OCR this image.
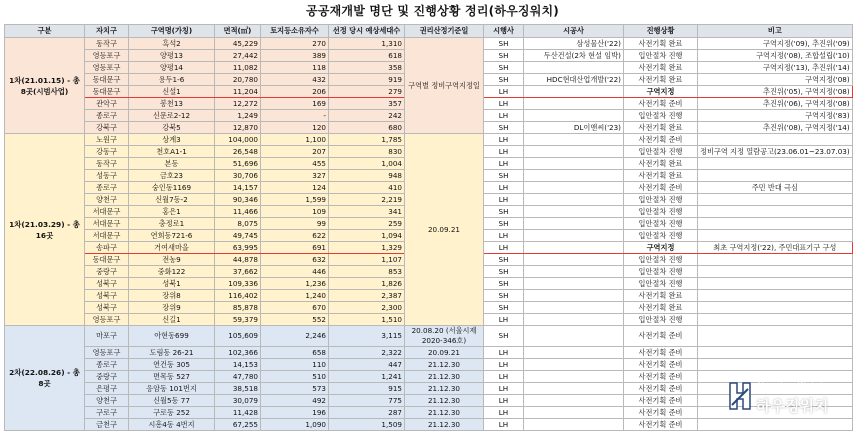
공공재개발 명단 및 진행상황 정리(하우징워치)
구분	자치구	구역명(가칭)	면적(㎡)	토지등소유자수	선정 당시 예상세대수	권리산정기준일	시행사	시공사	진행상황	비고
1차(21.01.15) - 총 8곳(시범사업)	동작구	흑석2	45,229	270	1,310	구역별 정비구역지정일	SH	삼성물산('22)	사전기획 완료	구역지정('09), 추진위('09)
	영등포구	양평13	27,442	389	618		SH	두산건설(2차 현설 임박)	입안절차 진행	구역지정('08), 조합설립('10)
	영등포구	양평14	11,082	118	358		SH		사전기획 완료	구역지정('13), 추진위('14)
	동대문구	용두1-6	20,780	432	919		SH	HDC현대산업개발('22)	사전기획 완료	구역지정('08)
	동대문구	신설1	11,204	206	279		LH		구역지정	추진위('05), 구역지정('08)
	관악구	봉천13	12,272	169	357		LH		사전기획 준비	추진위('06), 구역지정('08)
	종로구	신문로2-12	1,249	-	242		LH		입안절차 진행	구역지정('83)
	강북구	강북5	12,870	120	680		SH	DL이앤씨('23)	사전기획 완료	추진위('08), 구역지정('14)
1차(21.03.29) - 총 16곳	노원구	상계3	104,000	1,100	1,785	20.09.21	LH		사전기획 준비	
	강동구	천호A1-1	26,548	207	830		LH		입안절차 진행	정비구역 지정 열람공고(23.06.01~23.07.03)
	동작구	본동	51,696	455	1,004		LH		사전기획 완료	
	성동구	금호23	30,706	327	948		SH		사전기획 완료	
	종로구	숭인동1169	14,157	124	410		LH		사전기획 준비	주민 반대 극심
	양천구	신월7동-2	90,346	1,599	2,219		LH		입안절차 진행	
	서대문구	홍은1	11,466	109	341		SH		입안절차 진행	
	서대문구	충정로1	8,075	99	259		SH		입안절차 진행	
	서대문구	연희동721-6	49,745	622	1,094		LH		입안절차 진행	
	송파구	거여새마을	63,995	691	1,329		LH		구역지정	최초 구역지정('22), 주민대표기구 구성
	동대문구	전농9	44,878	632	1,107		SH		입안절차 진행	
	중랑구	중화122	37,662	446	853		SH		입안절차 진행	
	성북구	성북1	109,336	1,236	1,826		SH		입안절차 진행	
	성북구	장위8	116,402	1,240	2,387		SH		사전기획 완료	
	성북구	장위9	85,878	670	2,300		SH		사전기획 완료	
	영등포구	신길1	59,379	552	1,510		LH		입안절차 진행	
2차(22.08.26) - 총 8곳	마포구	아현동699	105,609	2,246	3,115	20.08.20 (서울시제2020-346호)	SH		사전기획 준비	
	영등포구	도림동 26-21	102,366	658	2,322	20.09.21	LH		사전기획 준비	
	종로구	연건동 305	14,153	110	447	21.12.30	LH		사전기획 준비	
	중랑구	면목동 527	47,780	510	1,241	21.12.30	LH		사전기획 준비	
	은평구	응암동 101번지	38,518	573	915	21.12.30	LH		사전기획 준비	
	양천구	신월5동 77	30,079	492	775	21.12.30	LH		사전기획 준비	
	구로구	구로동 252	11,428	196	287	21.12.30	LH		사전기획 준비	
	금천구	시흥4동 4번지	67,255	1,090	1,509	21.12.30	LH		사전기획 준비	
Housing Watch
하우징워치
